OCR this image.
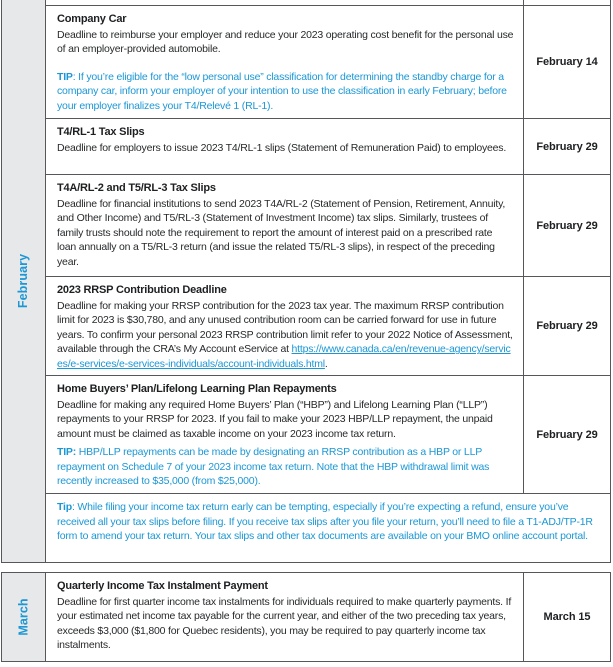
February
Company Car
Deadline to reimburse your employer and reduce your 2023 operating cost benefit for the personal use of an employer-provided automobile.
TIP: If you’re eligible for the “low personal use” classification for determining the standby charge for a company car, inform your employer of your intention to use the classification in early February; before your employer finalizes your T4/Relevé 1 (RL-1).
February 14
T4/RL-1 Tax Slips
Deadline for employers to issue 2023 T4/RL-1 slips (Statement of Remuneration Paid) to employees.	February 29
T4A/RL-2 and T5/RL-3 Tax Slips
Deadline for financial institutions to send 2023 T4A/RL-2 (Statement of Pension, Retirement, Annuity, and Other Income) and T5/RL-3 (Statement of Investment Income) tax slips. Similarly, trustees of family trusts should note the requirement to report the amount of interest paid on a prescribed rate loan annually on a T5/RL-3 return (and issue the related T5/RL-3 slips), in respect of the preceding year.
February 29
2023 RRSP Contribution Deadline
Deadline for making your RRSP contribution for the 2023 tax year. The maximum RRSP contribution limit for 2023 is $30,780, and any unused contribution room can be carried forward for use in future years. To confirm your personal 2023 RRSP contribution limit refer to your 2022 Notice of Assessment, available through the CRA’s My Account eService at https://www.canada.ca/en/revenue-agency/services/e-services/e-services-individuals/account-individuals.html.
February 29
Home Buyers’ Plan/Lifelong Learning Plan Repayments
Deadline for making any required Home Buyers’ Plan (“HBP”) and Lifelong Learning Plan (“LLP”) repayments to your RRSP for 2023. If you fail to make your 2023 HBP/LLP repayment, the unpaid amount must be claimed as taxable income on your 2023 income tax return.
TIP: HBP/LLP repayments can be made by designating an RRSP contribution as a HBP or LLP repayment on Schedule 7 of your 2023 income tax return. Note that the HBP withdrawal limit was recently increased to $35,000 (from $25,000).
February 29
Tip: While filing your income tax return early can be tempting, especially if you’re expecting a refund, ensure you’ve received all your tax slips before filing. If you receive tax slips after you file your return, you’ll need to file a T1-ADJ/TP-1R form to amend your tax return. Your tax slips and other tax documents are available on your BMO online account portal.
March
Quarterly Income Tax Instalment Payment
Deadline for first quarter income tax instalments for individuals required to make quarterly payments. If your estimated net income tax payable for the current year, and either of the two preceding tax years, exceeds $3,000 ($1,800 for Quebec residents), you may be required to pay quarterly income tax instalments.
March 15
